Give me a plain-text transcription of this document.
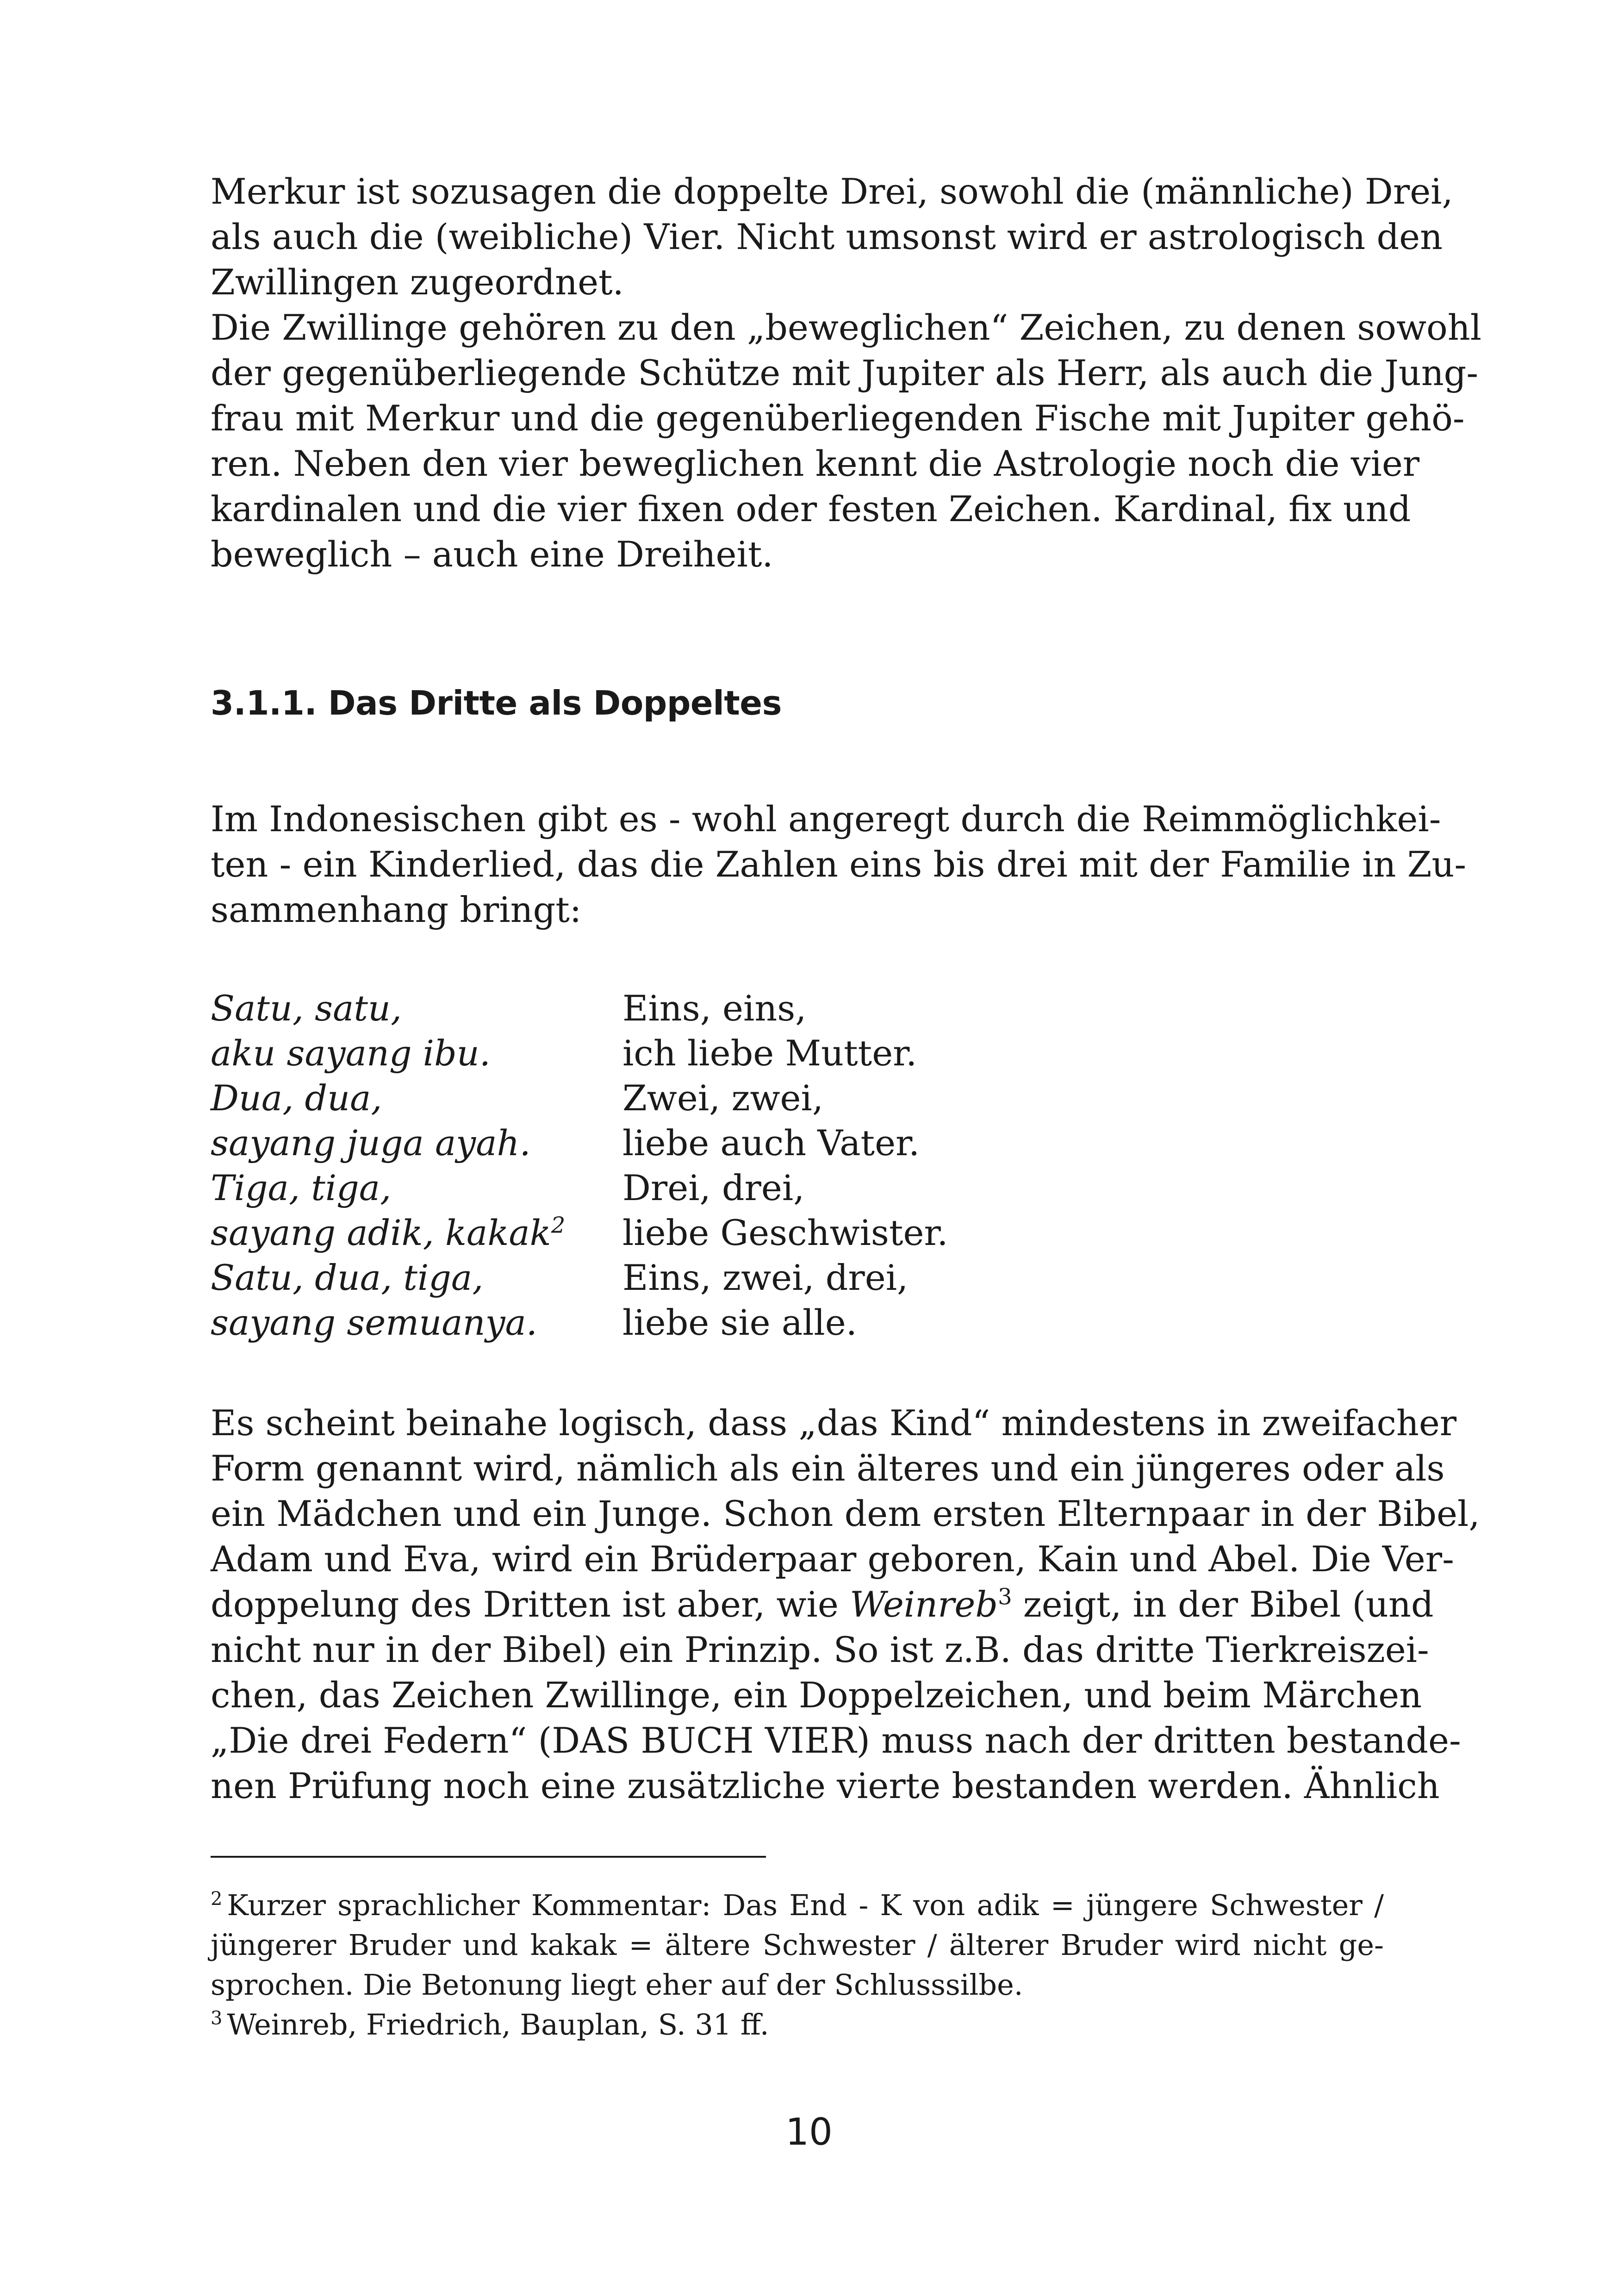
Merkur ist sozusagen die doppelte Drei, sowohl die (männliche) Drei,
als auch die (weibliche) Vier. Nicht umsonst wird er astrologisch den
Zwillingen zugeordnet.

Die Zwillinge gehören zu den „beweglichen“ Zeichen, zu denen sowohl
der gegenüberliegende Schütze mit Jupiter als Herr, als auch die Jung-
frau mit Merkur und die gegenüberliegenden Fische mit Jupiter gehö-
ren. Neben den vier beweglichen kennt die Astrologie noch die vier
kardinalen und die vier fixen oder festen Zeichen. Kardinal, fix und
beweglich – auch eine Dreiheit.

3.1.1. Das Dritte als Doppeltes

Im Indonesischen gibt es - wohl angeregt durch die Reimmöglichkei-
ten - ein Kinderlied, das die Zahlen eins bis drei mit der Familie in Zu-
sammenhang bringt:

Satu, satu,	Eins, eins,
aku sayang ibu.	ich liebe Mutter.
Dua, dua,	Zwei, zwei,
sayang juga ayah.	liebe auch Vater.
Tiga, tiga,	Drei, drei,
sayang adik, kakak$^2$	liebe Geschwister.
Satu, dua, tiga,	Eins, zwei, drei,
sayang semuanya.	liebe sie alle.

Es scheint beinahe logisch, dass „das Kind“ mindestens in zweifacher
Form genannt wird, nämlich als ein älteres und ein jüngeres oder als
ein Mädchen und ein Junge. Schon dem ersten Elternpaar in der Bibel,
Adam und Eva, wird ein Brüderpaar geboren, Kain und Abel. Die Ver-
doppelung des Dritten ist aber, wie Weinreb$^3$ zeigt, in der Bibel (und
nicht nur in der Bibel) ein Prinzip. So ist z.B. das dritte Tierkreiszei-
chen, das Zeichen Zwillinge, ein Doppelzeichen, und beim Märchen
„Die drei Federn“ (DAS BUCH VIER) muss nach der dritten bestande-
nen Prüfung noch eine zusätzliche vierte bestanden werden. Ähnlich

$^2$ Kurzer sprachlicher Kommentar: Das End - K von adik = jüngere Schwester /
jüngerer Bruder und kakak = ältere Schwester / älterer Bruder wird nicht ge-
sprochen. Die Betonung liegt eher auf der Schlusssilbe.

$^3$ Weinreb, Friedrich, Bauplan, S. 31 ff.

10
